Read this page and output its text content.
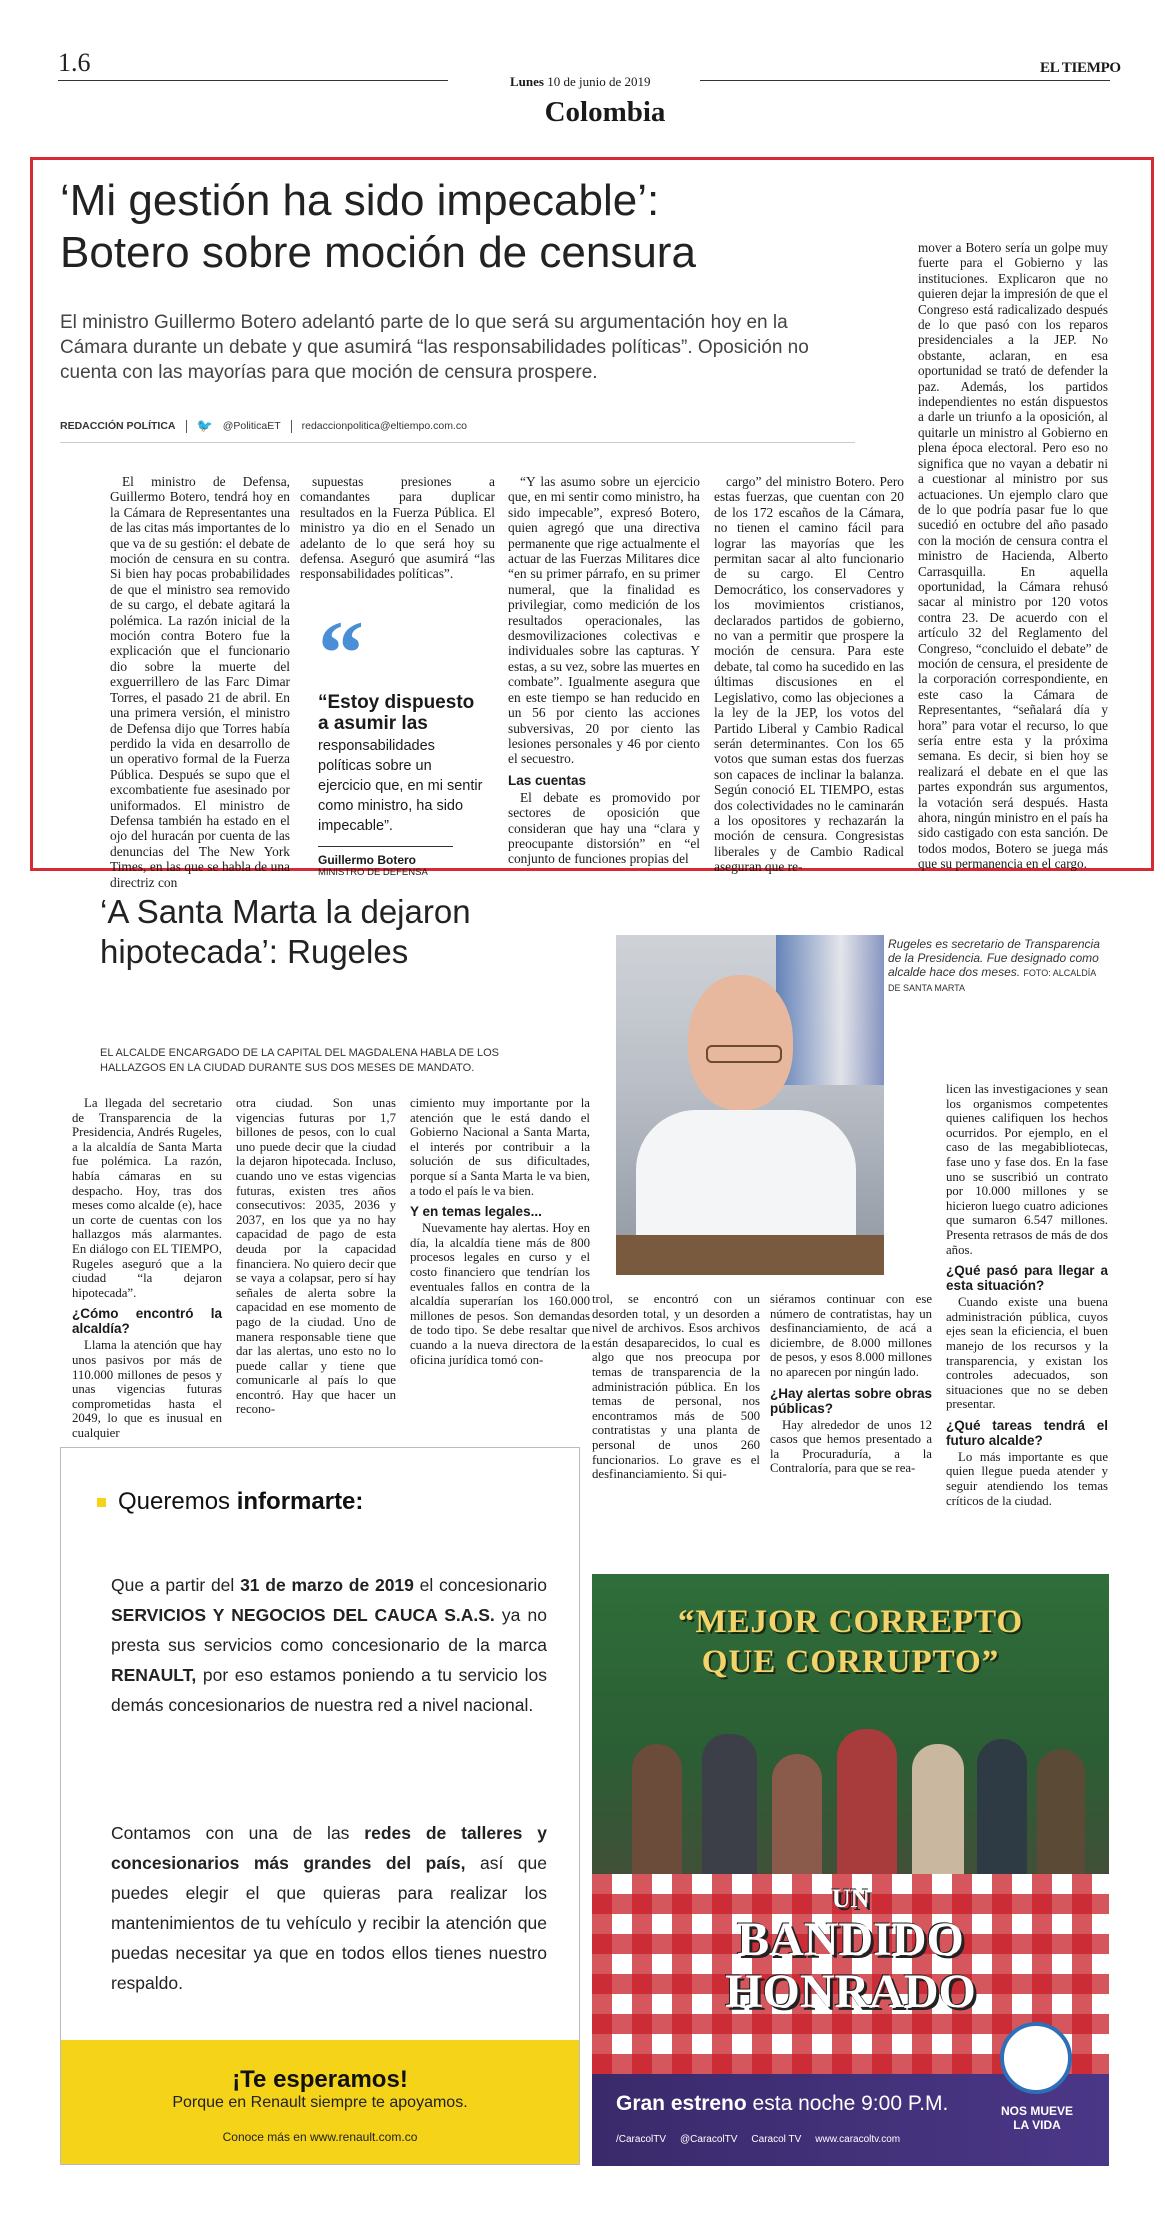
1.6
Lunes 10 de junio de 2019
Colombia
EL TIEMPO
‘Mi gestión ha sido impecable’:
Botero sobre moción de censura
El ministro Guillermo Botero adelantó parte de lo que será su argumentación hoy en la Cámara durante un debate y que asumirá “las responsabilidades políticas”. Oposición no cuenta con las mayorías para que moción de censura prospere.
REDACCIÓN POLÍTICA 🐦 @PoliticaET redaccionpolitica@eltiempo.com.co

El ministro de Defensa, Guillermo Botero, tendrá hoy en la Cámara de Representantes una de las citas más importantes de lo que va de su gestión: el debate de moción de censura en su contra. Si bien hay pocas probabilidades de que el ministro sea removido de su cargo, el debate agitará la polémica. La razón inicial de la moción contra Botero fue la explicación que el funcionario dio sobre la muerte del exguerrillero de las Farc Dimar Torres, el pasado 21 de abril. En una primera versión, el ministro de Defensa dijo que Torres había perdido la vida en desarrollo de un operativo formal de la Fuerza Pública. Después se supo que el excombatiente fue asesinado por uniformados. El ministro de Defensa también ha estado en el ojo del huracán por cuenta de las denuncias del The New York Times, en las que se habla de una directriz con

supuestas presiones a comandantes para duplicar resultados en la Fuerza Pública. El ministro ya dio en el Senado un adelanto de lo que será hoy su defensa. Aseguró que asumirá “las responsabilidades políticas”.

“
“Estoy dispuesto a asumir las
responsabilidades políticas sobre un ejercicio que, en mi sentir como ministro, ha sido impecable”.
Guillermo Botero
MINISTRO DE DEFENSA

“Y las asumo sobre un ejercicio que, en mi sentir como ministro, ha sido impecable”, expresó Botero, quien agregó que una directiva permanente que rige actualmente el actuar de las Fuerzas Militares dice “en su primer párrafo, en su primer numeral, que la finalidad es privilegiar, como medición de los resultados operacionales, las desmovilizaciones colectivas e individuales sobre las capturas. Y estas, a su vez, sobre las muertes en combate”. Igualmente asegura que en este tiempo se han reducido en un 56 por ciento las acciones subversivas, 20 por ciento las lesiones personales y 46 por ciento el secuestro.

Las cuentas

El debate es promovido por sectores de oposición que consideran que hay una “clara y preocupante distorsión” en “el conjunto de funciones propias del

cargo” del ministro Botero. Pero estas fuerzas, que cuentan con 20 de los 172 escaños de la Cámara, no tienen el camino fácil para lograr las mayorías que les permitan sacar al alto funcionario de su cargo. El Centro Democrático, los conservadores y los movimientos cristianos, declarados partidos de gobierno, no van a permitir que prospere la moción de censura. Para este debate, tal como ha sucedido en las últimas discusiones en el Legislativo, como las objeciones a la ley de la JEP, los votos del Partido Liberal y Cambio Radical serán determinantes. Con los 65 votos que suman estas dos fuerzas son capaces de inclinar la balanza. Según conoció EL TIEMPO, estas dos colectividades no le caminarán a los opositores y rechazarán la moción de censura. Congresistas liberales y de Cambio Radical aseguran que re-

mover a Botero sería un golpe muy fuerte para el Gobierno y las instituciones. Explicaron que no quieren dejar la impresión de que el Congreso está radicalizado después de lo que pasó con los reparos presidenciales a la JEP. No obstante, aclaran, en esa oportunidad se trató de defender la paz. Además, los partidos independientes no están dispuestos a darle un triunfo a la oposición, al quitarle un ministro al Gobierno en plena época electoral. Pero eso no significa que no vayan a debatir ni a cuestionar al ministro por sus actuaciones. Un ejemplo claro que de lo que podría pasar fue lo que sucedió en octubre del año pasado con la moción de censura contra el ministro de Hacienda, Alberto Carrasquilla. En aquella oportunidad, la Cámara rehusó sacar al ministro por 120 votos contra 23. De acuerdo con el artículo 32 del Reglamento del Congreso, “concluido el debate” de moción de censura, el presidente de la corporación correspondiente, en este caso la Cámara de Representantes, “señalará día y hora” para votar el recurso, lo que sería entre esta y la próxima semana. Es decir, si bien hoy se realizará el debate en el que las partes expondrán sus argumentos, la votación será después. Hasta ahora, ningún ministro en el país ha sido castigado con esta sanción. De todos modos, Botero se juega más que su permanencia en el cargo.

‘A Santa Marta la dejaron
hipotecada’: Rugeles
EL ALCALDE ENCARGADO DE LA CAPITAL DEL MAGDALENA HABLA DE LOS HALLAZGOS EN LA CIUDAD DURANTE SUS DOS MESES DE MANDATO.
Rugeles es secretario de Transparencia de la Presidencia. Fue designado como alcalde hace dos meses. FOTO: ALCALDÍA DE SANTA MARTA

La llegada del secretario de Transparencia de la Presidencia, Andrés Rugeles, a la alcaldía de Santa Marta fue polémica. La razón, había cámaras en su despacho. Hoy, tras dos meses como alcalde (e), hace un corte de cuentas con los hallazgos más alarmantes. En diálogo con EL TIEMPO, Rugeles aseguró que a la ciudad “la dejaron hipotecada”.

¿Cómo encontró la alcaldía?

Llama la atención que hay unos pasivos por más de 110.000 millones de pesos y unas vigencias futuras comprometidas hasta el 2049, lo que es inusual en cualquier

otra ciudad. Son unas vigencias futuras por 1,7 billones de pesos, con lo cual uno puede decir que la ciudad la dejaron hipotecada. Incluso, cuando uno ve estas vigencias futuras, existen tres años consecutivos: 2035, 2036 y 2037, en los que ya no hay capacidad de pago de esta deuda por la capacidad financiera. No quiero decir que se vaya a colapsar, pero sí hay señales de alerta sobre la capacidad en ese momento de pago de la ciudad. Uno de manera responsable tiene que dar las alertas, uno esto no lo puede callar y tiene que comunicarle al país lo que encontró. Hay que hacer un recono-

cimiento muy importante por la atención que le está dando el Gobierno Nacional a Santa Marta, el interés por contribuir a la solución de sus dificultades, porque sí a Santa Marta le va bien, a todo el país le va bien.

Y en temas legales...

Nuevamente hay alertas. Hoy en día, la alcaldía tiene más de 800 procesos legales en curso y el costo financiero que tendrían los eventuales fallos en contra de la alcaldía superarían los 160.000 millones de pesos. Son demandas de todo tipo. Se debe resaltar que cuando a la nueva directora de la oficina jurídica tomó con-

trol, se encontró con un desorden total, y un desorden a nivel de archivos. Esos archivos están desaparecidos, lo cual es algo que nos preocupa por temas de transparencia de la administración pública. En los temas de personal, nos encontramos más de 500 contratistas y una planta de personal de unos 260 funcionarios. Lo grave es el desfinanciamiento. Si qui-

siéramos continuar con ese número de contratistas, hay un desfinanciamiento, de acá a diciembre, de 8.000 millones de pesos, y esos 8.000 millones no aparecen por ningún lado.

¿Hay alertas sobre obras públicas?

Hay alrededor de unos 12 casos que hemos presentado a la Procuraduría, a la Contraloría, para que se rea-

licen las investigaciones y sean los organismos competentes quienes califiquen los hechos ocurridos. Por ejemplo, en el caso de las megabibliotecas, fase uno y fase dos. En la fase uno se suscribió un contrato por 10.000 millones y se hicieron luego cuatro adiciones que sumaron 6.547 millones. Presenta retrasos de más de dos años.

¿Qué pasó para llegar a esta situación?

Cuando existe una buena administración pública, cuyos ejes sean la eficiencia, el buen manejo de los recursos y la transparencia, y existan los controles adecuados, son situaciones que no se deben presentar.

¿Qué tareas tendrá el futuro alcalde?

Lo más importante es que quien llegue pueda atender y seguir atendiendo los temas críticos de la ciudad.

Queremos informarte:
Que a partir del 31 de marzo de 2019 el concesionario SERVICIOS Y NEGOCIOS DEL CAUCA S.A.S. ya no presta sus servicios como concesionario de la marca RENAULT, por eso estamos poniendo a tu servicio los demás concesionarios de nuestra red a nivel nacional.
Contamos con una de las redes de talleres y concesionarios más grandes del país, así que puedes elegir el que quieras para realizar los mantenimientos de tu vehículo y recibir la atención que puedas necesitar ya que en todos ellos tienes nuestro respaldo.
¡Te esperamos!
Porque en Renault siempre te apoyamos.
Conoce más en www.renault.com.co
“MEJOR CORREPTO
QUE CORRUPTO”
UN
BANDIDO
HONRADO
Gran estreno esta noche 9:00 P.M.
/CaracolTV @CaracolTV Caracol TV www.caracoltv.com
NOS MUEVE
LA VIDA
